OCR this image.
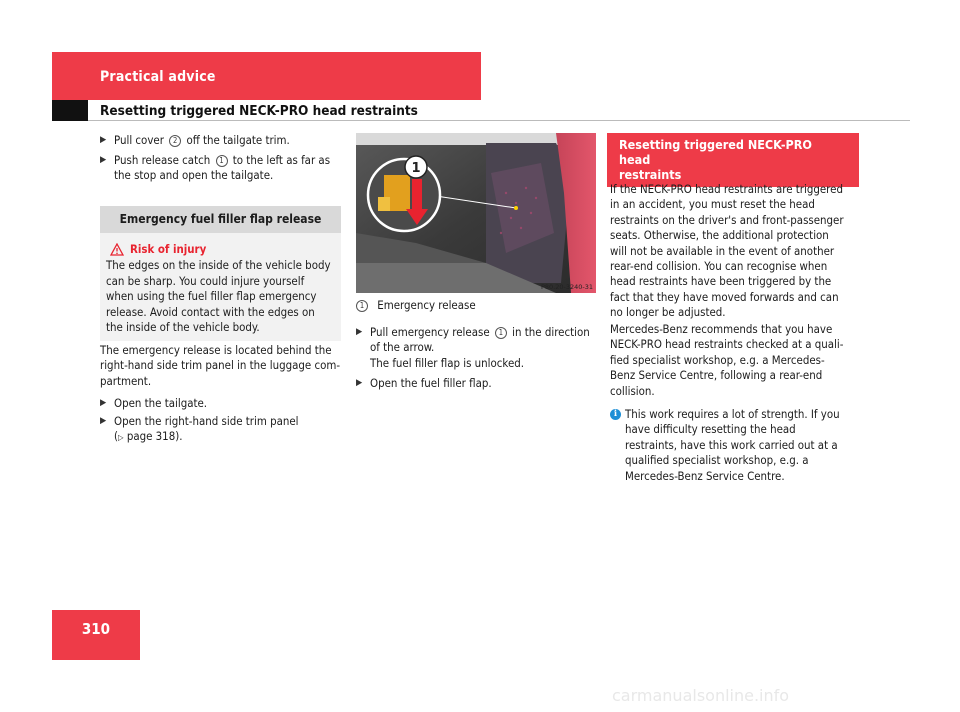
Practical advice
Resetting triggered NECK-PRO head restraints
▶ Pull cover 2 off the tailgate trim.
▶ Push release catch 1 to the left as far as
the stop and open the tailgate.
Emergency fuel filler flap release
Risk of injury

The edges on the inside of the vehicle body

can be sharp. You could injure yourself

when using the fuel filler flap emergency

release. Avoid contact with the edges on

the inside of the vehicle body.

The emergency release is located behind the

right-hand side trim panel in the luggage com-

partment.

▶ Open the tailgate.
▶ Open the right-hand side trim panel
(▷ page 318).
1
P80.20-3240-31
1 Emergency release
▶ Pull emergency release 1 in the direction
of the arrow.
The fuel filler flap is unlocked.
▶ Open the fuel filler flap.
Resetting triggered NECK-PRO head
restraints

If the NECK-PRO head restraints are triggered

in an accident, you must reset the head

restraints on the driver's and front-passenger

seats. Otherwise, the additional protection

will not be available in the event of another

rear-end collision. You can recognise when

head restraints have been triggered by the

fact that they have moved forwards and can

no longer be adjusted.

Mercedes-Benz recommends that you have

NECK-PRO head restraints checked at a quali-

fied specialist workshop, e.g. a Mercedes-

Benz Service Centre, following a rear-end

collision.

i This work requires a lot of strength. If you

have difficulty resetting the head

restraints, have this work carried out at a

qualified specialist workshop, e.g. a

Mercedes-Benz Service Centre.

310
carmanualsonline.info
